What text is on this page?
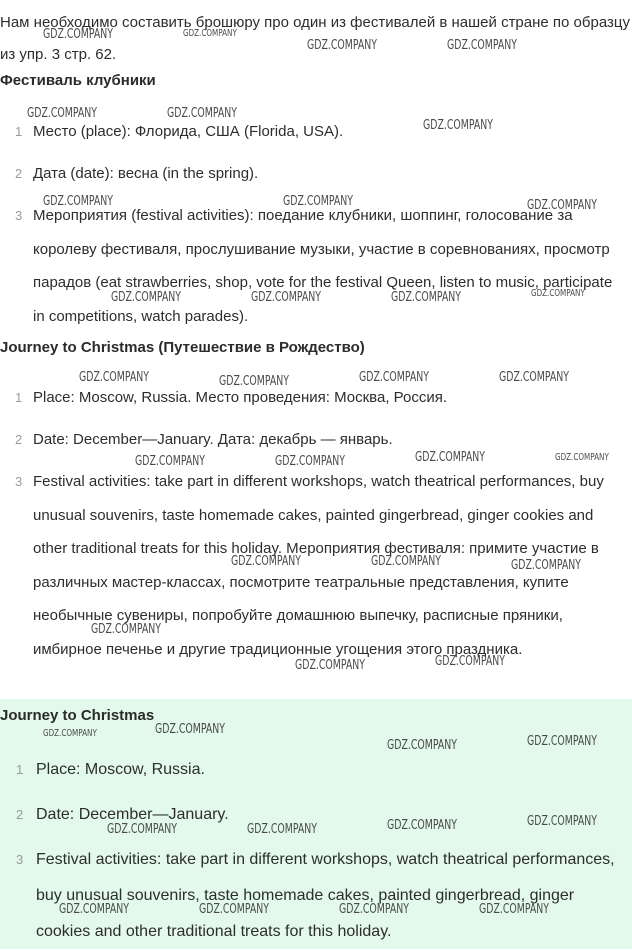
Нам необходимо составить брошюру про один из фестивалей в нашей стране по образцу из упр. 3 стр. 62.
Фестиваль клубники
1 Место (place): Флорида, США (Florida, USA).
2 Дата (date): весна (in the spring).
3 Мероприятия (festival activities): поедание клубники, шоппинг, голосование за королеву фестиваля, прослушивание музыки, участие в соревнованиях, просмотр парадов (eat strawberries, shop, vote for the festival Queen, listen to music, participate in competitions, watch parades).
Journey to Christmas (Путешествие в Рождество)
1 Place: Moscow, Russia. Место проведения: Москва, Россия.
2 Date: December—January. Дата: декабрь — январь.
3 Festival activities: take part in different workshops, watch theatrical performances, buy unusual souvenirs, taste homemade cakes, painted gingerbread, ginger cookies and other traditional treats for this holiday. Мероприятия фестиваля: примите участие в различных мастер-классах, посмотрите театральные представления, купите необычные сувениры, попробуйте домашнюю выпечку, расписные пряники, имбирное печенье и другие традиционные угощения этого праздника.
Journey to Christmas
1 Place: Moscow, Russia.
2 Date: December—January.
3 Festival activities: take part in different workshops, watch theatrical performances, buy unusual souvenirs, taste homemade cakes, painted gingerbread, ginger cookies and other traditional treats for this holiday.
GDZ.COMPANY	GDZ.COMPANY
GDZ.COMPANY	GDZ.COMPANY
GDZ.COMPANY	GDZ.COMPANY
GDZ.COMPANY
GDZ.COMPANY	GDZ.COMPANY	GDZ.COMPANY
GDZ.COMPANY
GDZ.COMPANY	GDZ.COMPANY	GDZ.COMPANY
GDZ.COMPANY	GDZ.COMPANY	GDZ.COMPANY	GDZ.COMPANY
GDZ.COMPANY	GDZ.COMPANY	GDZ.COMPANY	GDZ.COMPANY
GDZ.COMPANY	GDZ.COMPANY	GDZ.COMPANY
GDZ.COMPANY
GDZ.COMPANY	GDZ.COMPANY
GDZ.COMPANY	GDZ.COMPANY
GDZ.COMPANY	GDZ.COMPANY
GDZ.COMPANY	GDZ.COMPANY	GDZ.COMPANY	GDZ.COMPANY
GDZ.COMPANY	GDZ.COMPANY	GDZ.COMPANY	GDZ.COMPANY
